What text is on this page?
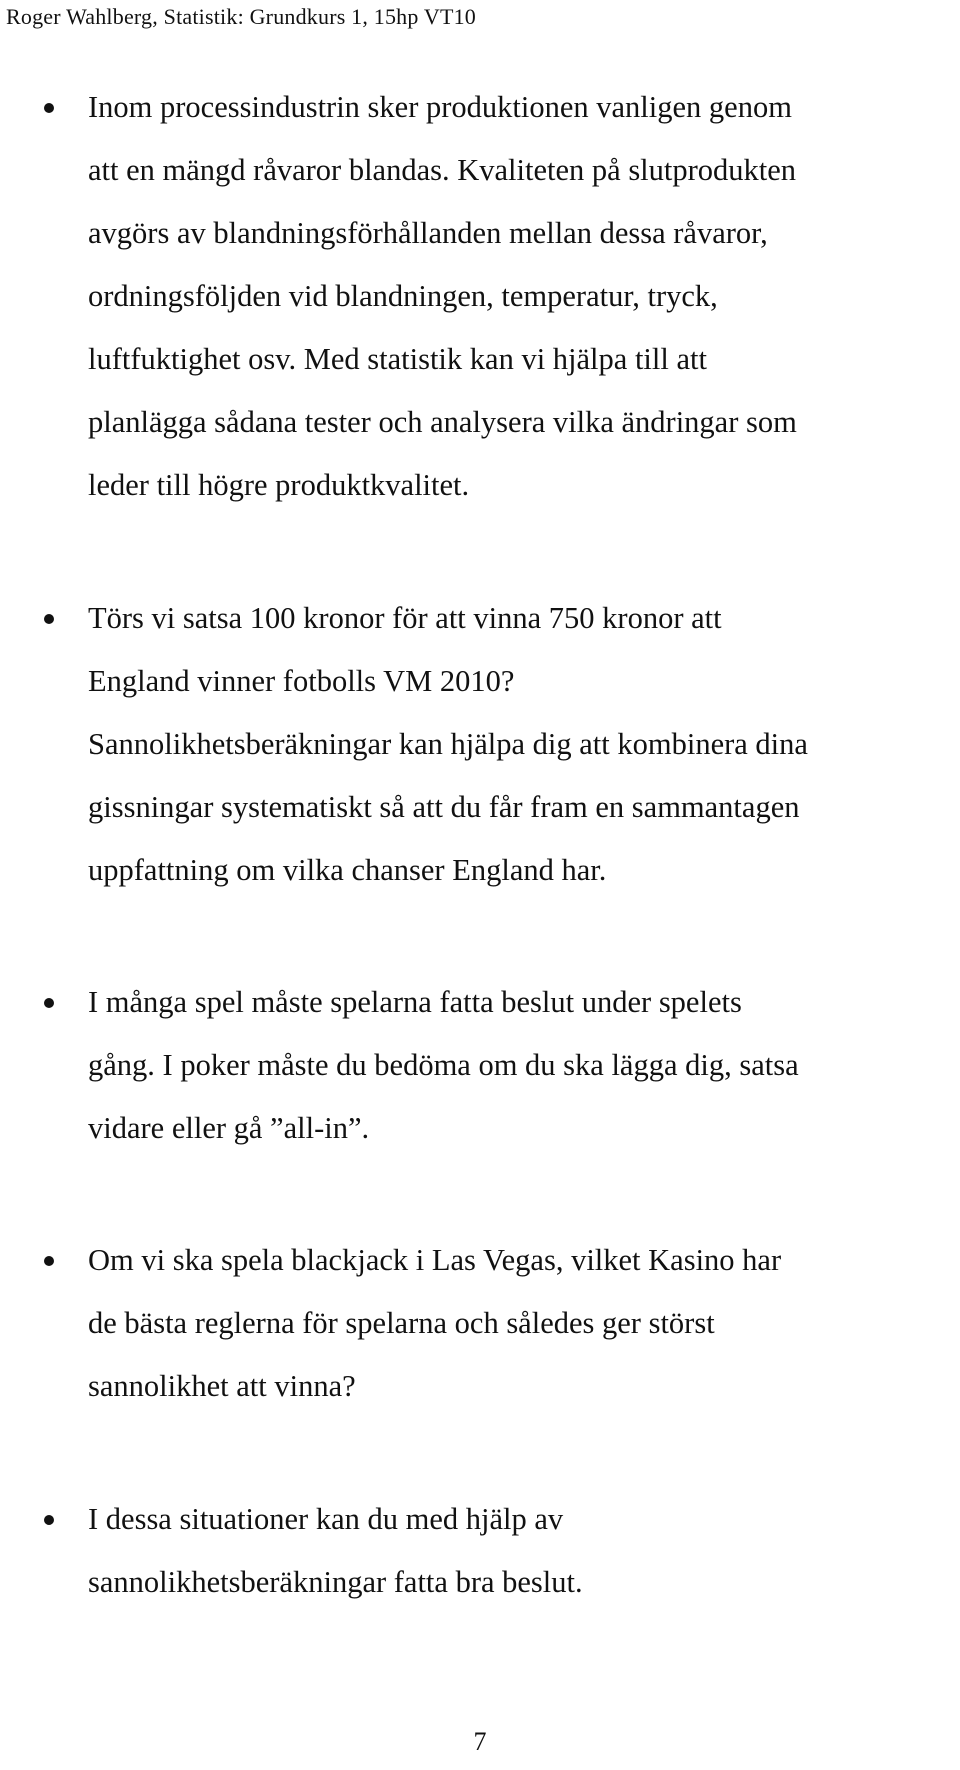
Roger Wahlberg, Statistik: Grundkurs 1, 15hp VT10

Inom processindustrin sker produktionen vanligen genom
att en mängd råvaror blandas. Kvaliteten på slutprodukten
avgörs av blandningsförhållanden mellan dessa råvaror,
ordningsföljden vid blandningen, temperatur, tryck,
luftfuktighet osv. Med statistik kan vi hjälpa till att
planlägga sådana tester och analysera vilka ändringar som
leder till högre produktkvalitet.

Törs vi satsa 100 kronor för att vinna 750 kronor att
England vinner fotbolls VM 2010?
Sannolikhetsberäkningar kan hjälpa dig att kombinera dina
gissningar systematiskt så att du får fram en sammantagen
uppfattning om vilka chanser England har.

I många spel måste spelarna fatta beslut under spelets
gång. I poker måste du bedöma om du ska lägga dig, satsa
vidare eller gå ”all-in”.

Om vi ska spela blackjack i Las Vegas, vilket Kasino har
de bästa reglerna för spelarna och således ger störst
sannolikhet att vinna?

I dessa situationer kan du med hjälp av
sannolikhetsberäkningar fatta bra beslut.

7
